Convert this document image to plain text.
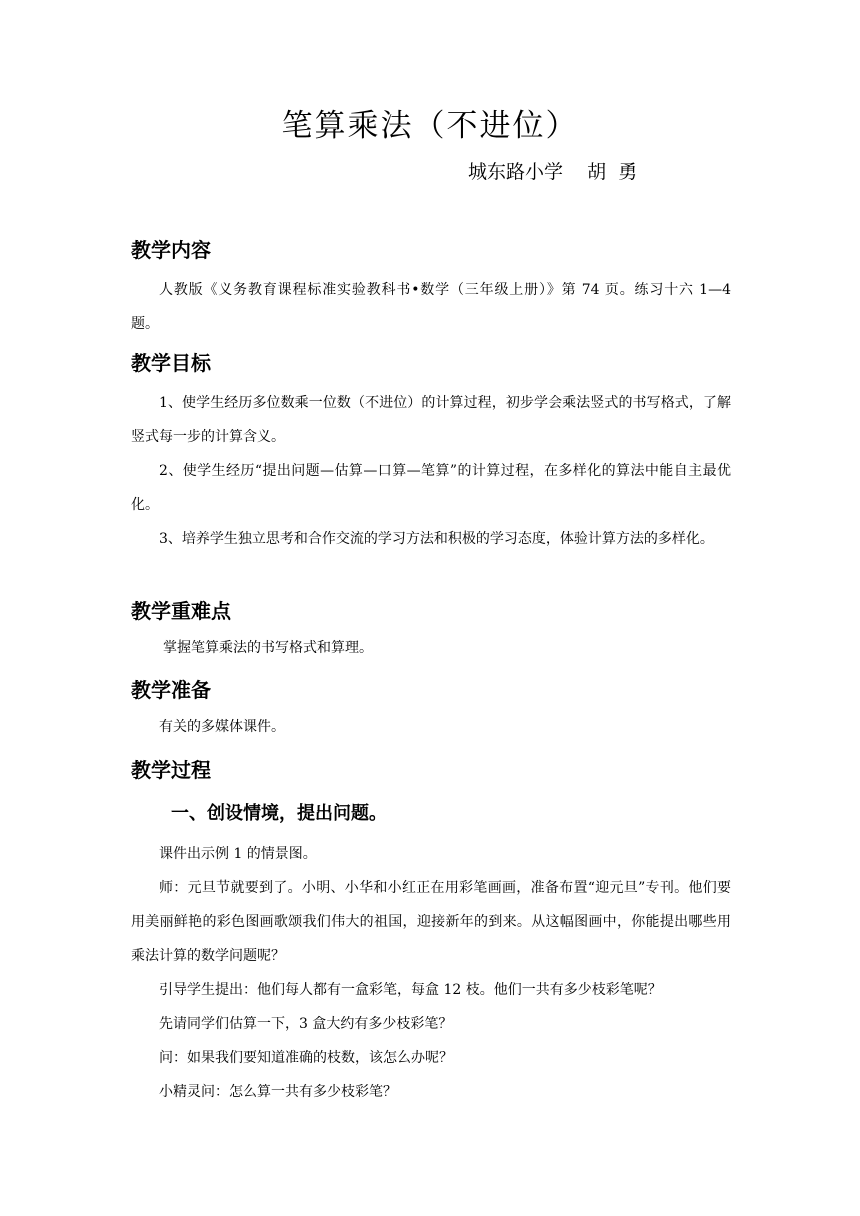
笔算乘法（不进位）
城东路小学    胡  勇
教学内容

人教版《义务教育课程标准实验教科书•数学（三年级上册）》第 74 页。练习十六 1—4 题。

教学目标

1、使学生经历多位数乘一位数（不进位）的计算过程，初步学会乘法竖式的书写格式，了解竖式每一步的计算含义。

2、使学生经历“提出问题—估算—口算—笔算”的计算过程，在多样化的算法中能自主最优化。

3、培养学生独立思考和合作交流的学习方法和积极的学习态度，体验计算方法的多样化。

教学重难点

掌握笔算乘法的书写格式和算理。

教学准备

有关的多媒体课件。

教学过程
一、创设情境，提出问题。

课件出示例 1 的情景图。

师：元旦节就要到了。小明、小华和小红正在用彩笔画画，准备布置“迎元旦”专刊。他们要用美丽鲜艳的彩色图画歌颂我们伟大的祖国，迎接新年的到来。从这幅图画中，你能提出哪些用乘法计算的数学问题呢？

引导学生提出：他们每人都有一盒彩笔，每盒 12 枝。他们一共有多少枝彩笔呢？

先请同学们估算一下，3 盒大约有多少枝彩笔？

问：如果我们要知道准确的枝数，该怎么办呢？

小精灵问：怎么算一共有多少枝彩笔？
